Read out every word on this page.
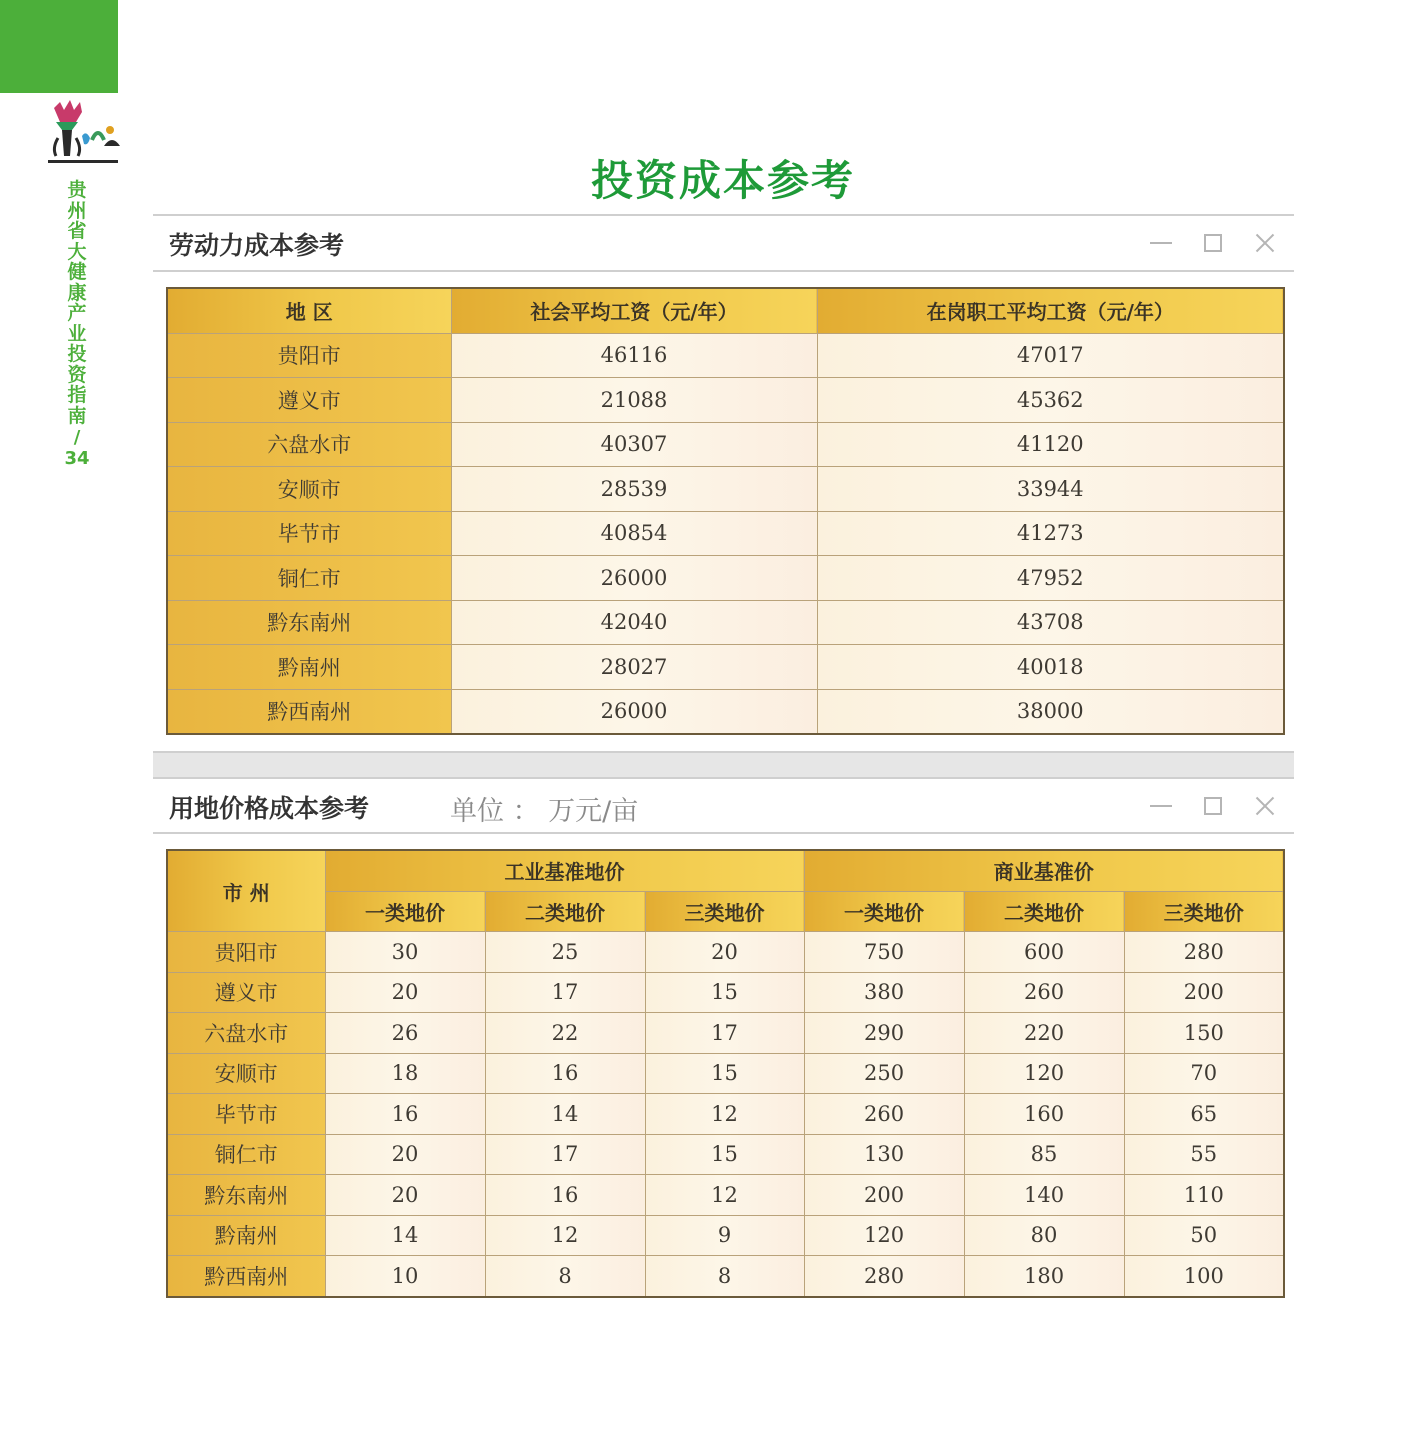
贵州省大健康产业投资指南
/
34
投资成本参考
劳动力成本参考
地 区	社会平均工资（元/年）	在岗职工平均工资（元/年）
贵阳市	46116	47017
遵义市	21088	45362
六盘水市	40307	41120
安顺市	28539	33944
毕节市	40854	41273
铜仁市	26000	47952
黔东南州	42040	43708
黔南州	28027	40018
黔西南州	26000	38000
用地价格成本参考	单位 ： 万元/亩
市 州	工业基准地价			商业基准价		
	一类地价	二类地价	三类地价	一类地价	二类地价	三类地价
贵阳市	30	25	20	750	600	280
遵义市	20	17	15	380	260	200
六盘水市	26	22	17	290	220	150
安顺市	18	16	15	250	120	70
毕节市	16	14	12	260	160	65
铜仁市	20	17	15	130	85	55
黔东南州	20	16	12	200	140	110
黔南州	14	12	9	120	80	50
黔西南州	10	8	8	280	180	100
